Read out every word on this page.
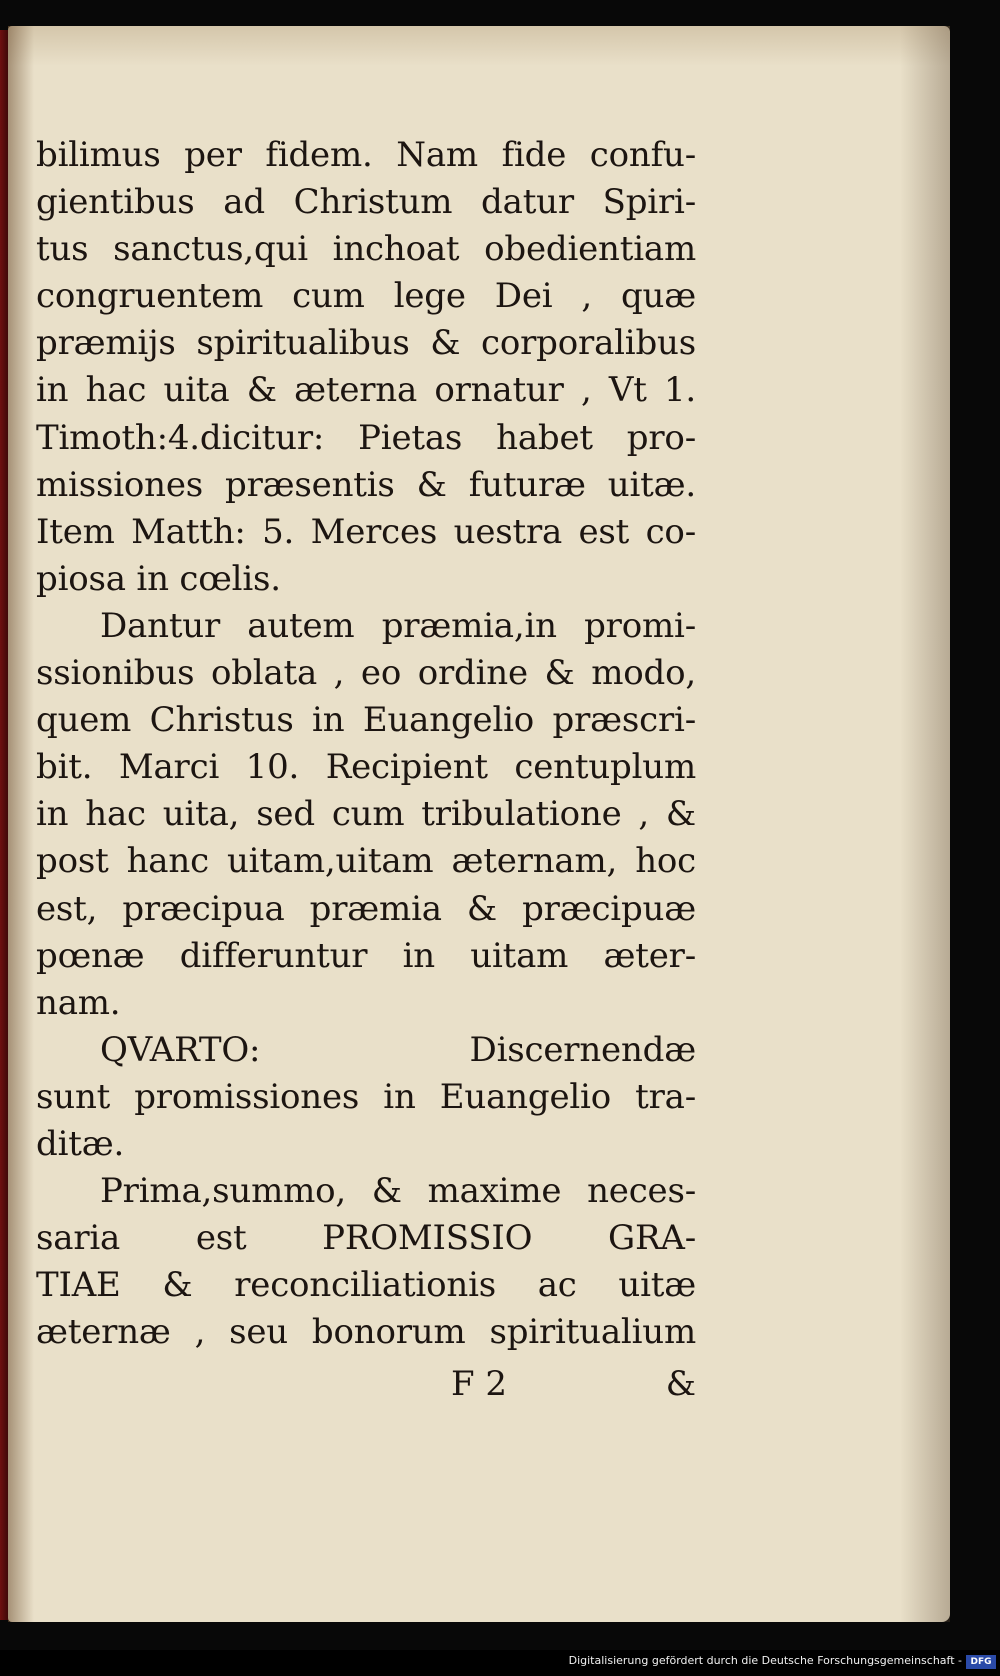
bilimus per fidem. Nam fide confu-
gientibus ad Christum datur Spiri-
tus sanctus,qui inchoat obedientiam
congruentem cum lege Dei , quæ
præmijs spiritualibus & corporalibus
in hac uita & æterna ornatur , Vt 1.
Timoth:4.dicitur: Pietas habet pro-
missiones præsentis & futuræ uitæ.
Item Matth: 5. Merces uestra est co-
piosa in cœlis.
Dantur autem præmia,in promi-
ssionibus oblata , eo ordine & modo,
quem Christus in Euangelio præscri-
bit. Marci 10. Recipient centuplum
in hac uita, sed cum tribulatione , &
post hanc uitam,uitam æternam, hoc
est, præcipua præmia & præcipuæ
pœnæ differuntur in uitam æter-
nam.
QVARTO: Discernendæ
sunt promissiones in Euangelio tra-
ditæ.
Prima,summo, & maxime neces-
saria est PROMISSIO GRA-
TIAE & reconciliationis ac uitæ
æternæ , seu bonorum spiritualium
F 2	&
Digitalisierung gefördert durch die Deutsche Forschungsgemeinschaft - DFG
